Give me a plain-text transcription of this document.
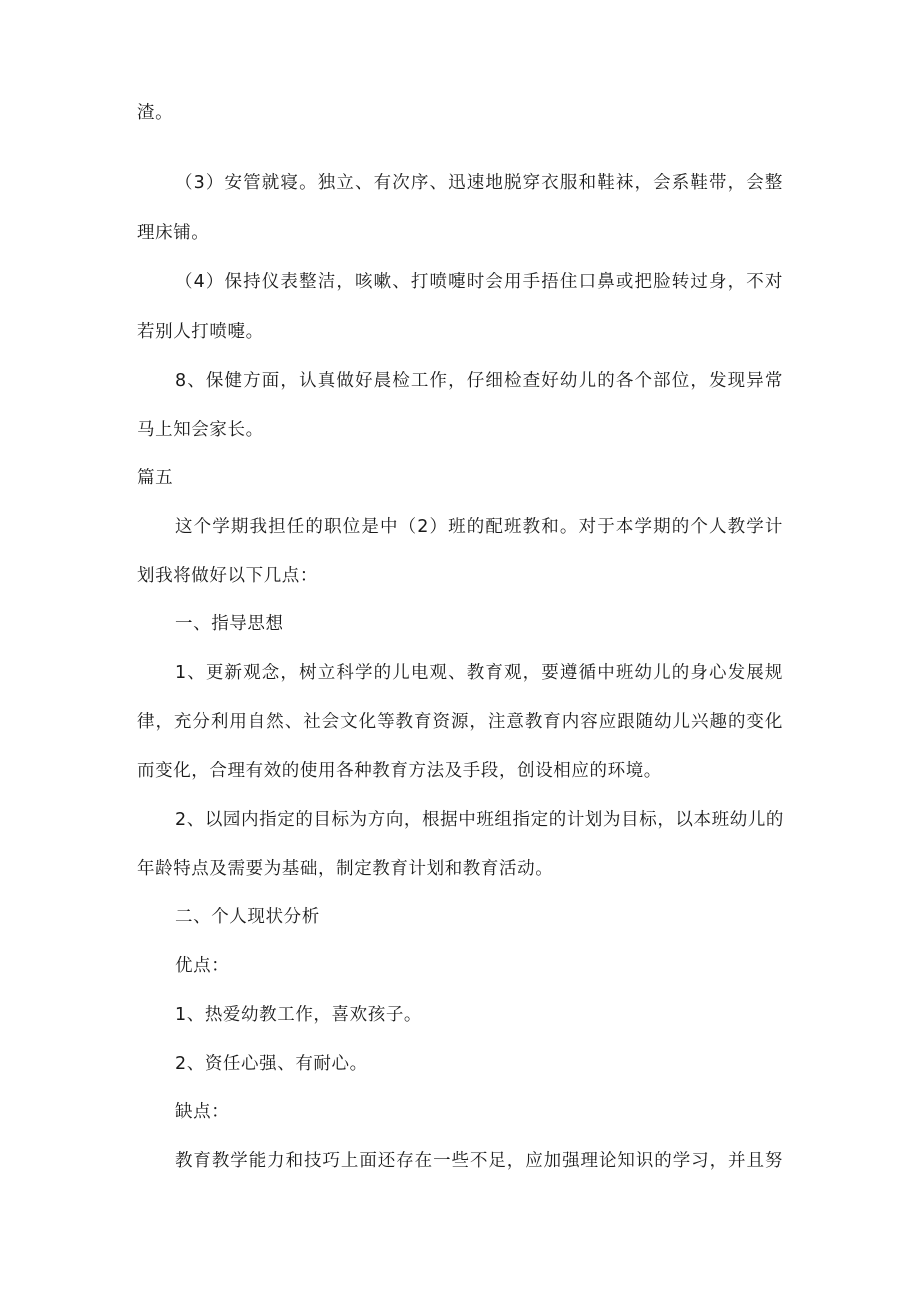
渣。
（3）安管就寝。独立、有次序、迅速地脱穿衣服和鞋袜，会系鞋带，会整
理床铺。
（4）保持仪表整洁，咳嗽、打喷嚏时会用手捂住口鼻或把脸转过身，不对
若别人打喷嚏。
8、保健方面，认真做好晨检工作，仔细检查好幼儿的各个部位，发现异常
马上知会家长。
篇五
这个学期我担任的职位是中（2）班的配班教和。对于本学期的个人教学计
划我将做好以下几点：
一、指导思想
1、更新观念，树立科学的儿电观、教育观，要遵循中班幼儿的身心发展规
律，充分利用自然、社会文化等教育资源，注意教育内容应跟随幼儿兴趣的变化
而变化，合理有效的使用各种教育方法及手段，创设相应的环境。
2、以园内指定的目标为方向，根据中班组指定的计划为目标，以本班幼儿的
年龄特点及需要为基础，制定教育计划和教育活动。
二、个人现状分析
优点：
1、热爱幼教工作，喜欢孩子。
2、资任心强、有耐心。
缺点：
教育教学能力和技巧上面还存在一些不足，应加强理论知识的学习，并且努
